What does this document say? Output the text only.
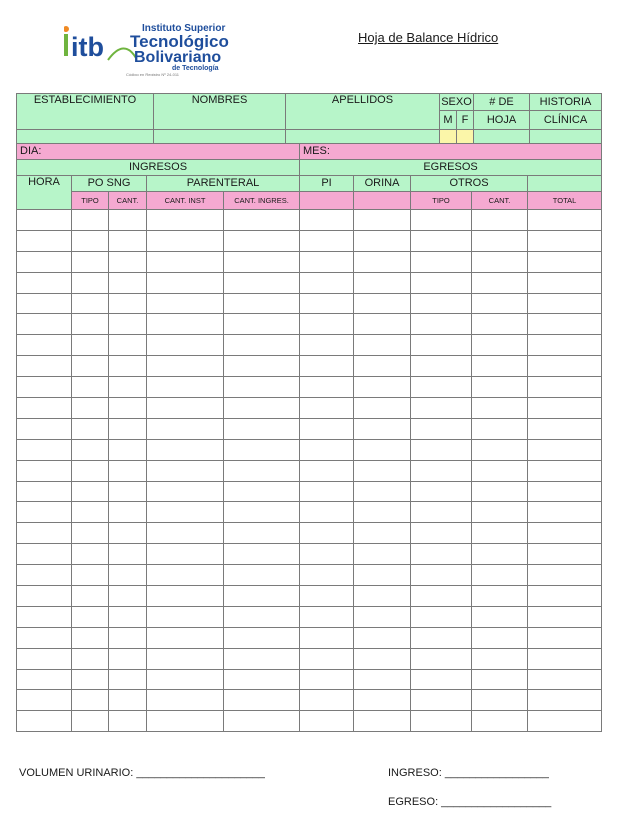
itb
Instituto Superior
Tecnológico
Bolivariano
de Tecnología
Código en Registro Nº 24-011
Hoja de Balance Hídrico
ESTABLECIMIENTO	NOMBRES	APELLIDOS	SEXO		# DE	HISTORIA
			M	F	HOJA	CLÍNICA

DIA:					MES:				
INGRESOS					EGRESOS				
HORA	PO SNG		PARENTERAL		PI	ORINA	OTROS		
	TIPO	CANT.	CANT. INST	CANT. INGRES.			TIPO	CANT.	TOTAL

VOLUMEN URINARIO: _____________________	INGRESO: _________________
EGRESO: __________________
